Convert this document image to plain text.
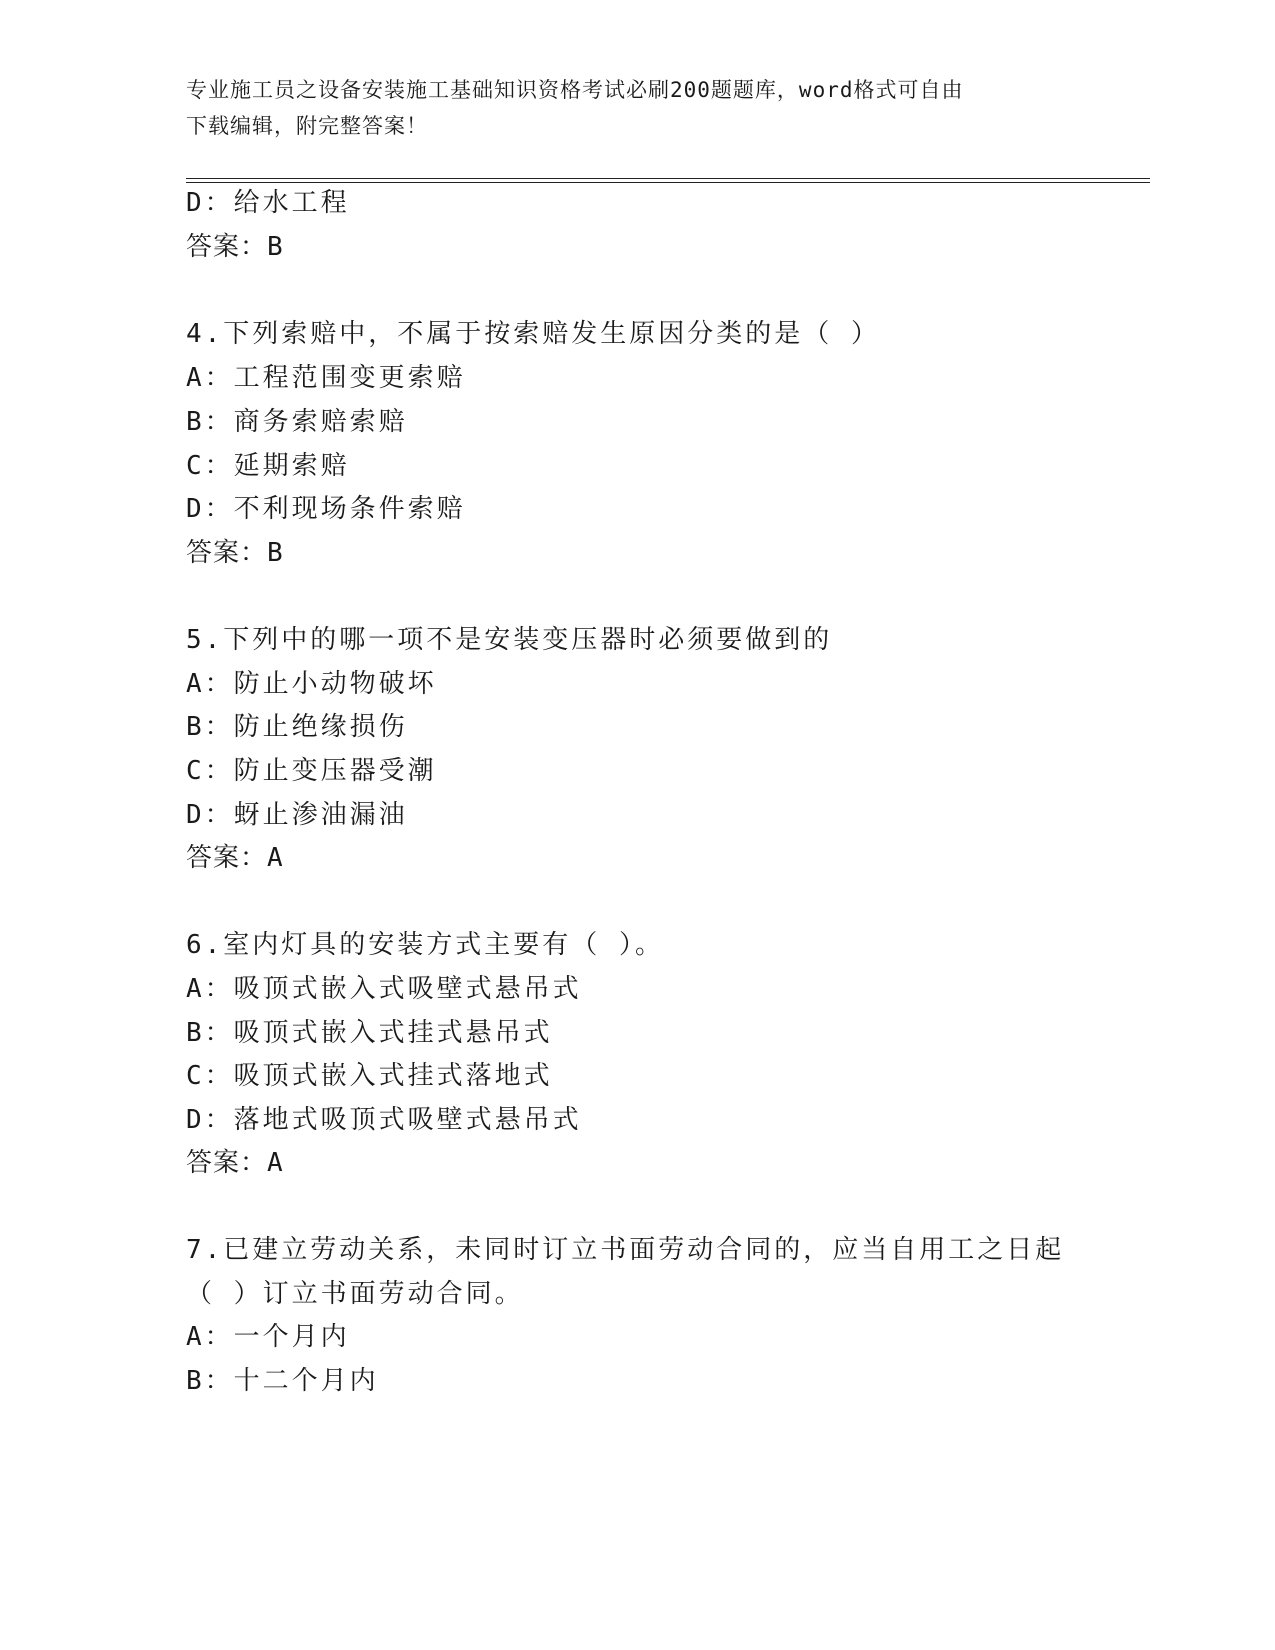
专业施工员之设备安装施工基础知识资格考试必刷200题题库，word格式可自由
下载编辑，附完整答案！
D：给水工程
答案：B
4.下列索赔中，不属于按索赔发生原因分类的是（ ）
A：工程范围变更索赔
B：商务索赔索赔
C：延期索赔
D：不利现场条件索赔
答案：B
5.下列中的哪一项不是安装变压器时必须要做到的
A：防止小动物破坏
B：防止绝缘损伤
C：防止变压器受潮
D：蚜止渗油漏油
答案：A
6.室内灯具的安装方式主要有（ ）。
A：吸顶式嵌入式吸壁式悬吊式
B：吸顶式嵌入式挂式悬吊式
C：吸顶式嵌入式挂式落地式
D：落地式吸顶式吸壁式悬吊式
答案：A
7.已建立劳动关系，未同时订立书面劳动合同的，应当自用工之日起
（ ）订立书面劳动合同。
A：一个月内
B：十二个月内
